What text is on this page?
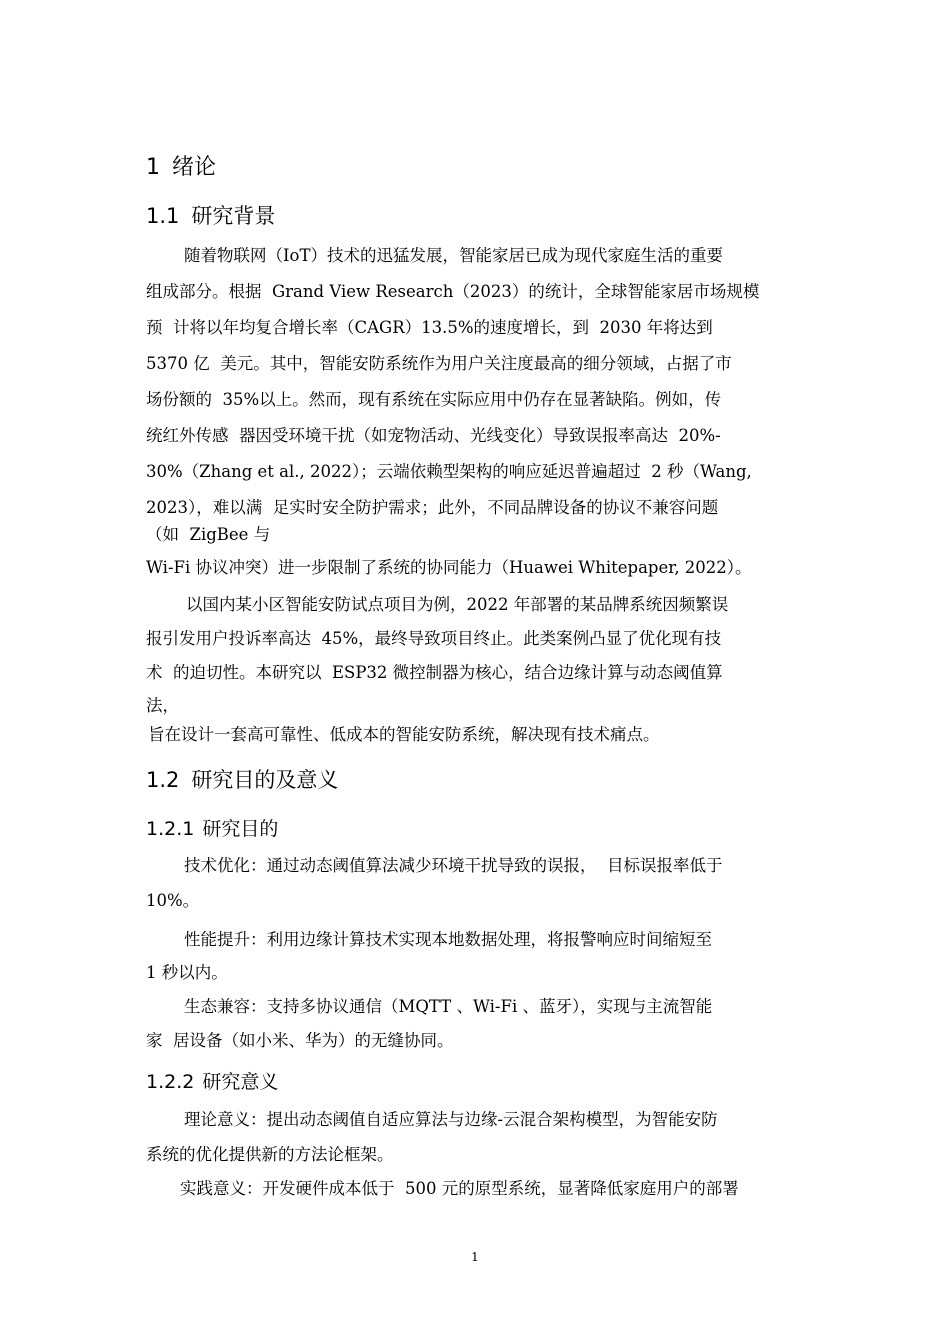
1 绪论
1.1 研究背景
随着物联网（IoT）技术的迅猛发展，智能家居已成为现代家庭生活的重要
组成部分。根据  Grand View Research（2023）的统计，全球智能家居市场规模
预  计将以年均复合增长率（CAGR）13.5%的速度增长，到  2030 年将达到
5370 亿  美元。其中，智能安防系统作为用户关注度最高的细分领域，占据了市
场份额的  35%以上。然而，现有系统在实际应用中仍存在显著缺陷。例如，传
统红外传感  器因受环境干扰（如宠物活动、光线变化）导致误报率高达  20%-
30%（Zhang et al., 2022）；云端依赖型架构的响应延迟普遍超过  2 秒（Wang,
2023），难以满  足实时安全防护需求；此外，不同品牌设备的协议不兼容问题
（如  ZigBee 与
Wi-Fi 协议冲突）进一步限制了系统的协同能力（Huawei Whitepaper, 2022）。
以国内某小区智能安防试点项目为例，2022 年部署的某品牌系统因频繁误
报引发用户投诉率高达  45%，最终导致项目终止。此类案例凸显了优化现有技
术  的迫切性。本研究以  ESP32 微控制器为核心，结合边缘计算与动态阈值算
法，
旨在设计一套高可靠性、低成本的智能安防系统，解决现有技术痛点。
1.2 研究目的及意义
1.2.1 研究目的
技术优化：通过动态阈值算法减少环境干扰导致的误报，  目标误报率低于
10%。
性能提升：利用边缘计算技术实现本地数据处理，将报警响应时间缩短至
1 秒以内。
生态兼容：支持多协议通信（MQTT 、Wi-Fi 、蓝牙），实现与主流智能
家  居设备（如小米、华为）的无缝协同。
1.2.2 研究意义
理论意义：提出动态阈值自适应算法与边缘-云混合架构模型，为智能安防
系统的优化提供新的方法论框架。
实践意义：开发硬件成本低于  500 元的原型系统，显著降低家庭用户的部署
1
